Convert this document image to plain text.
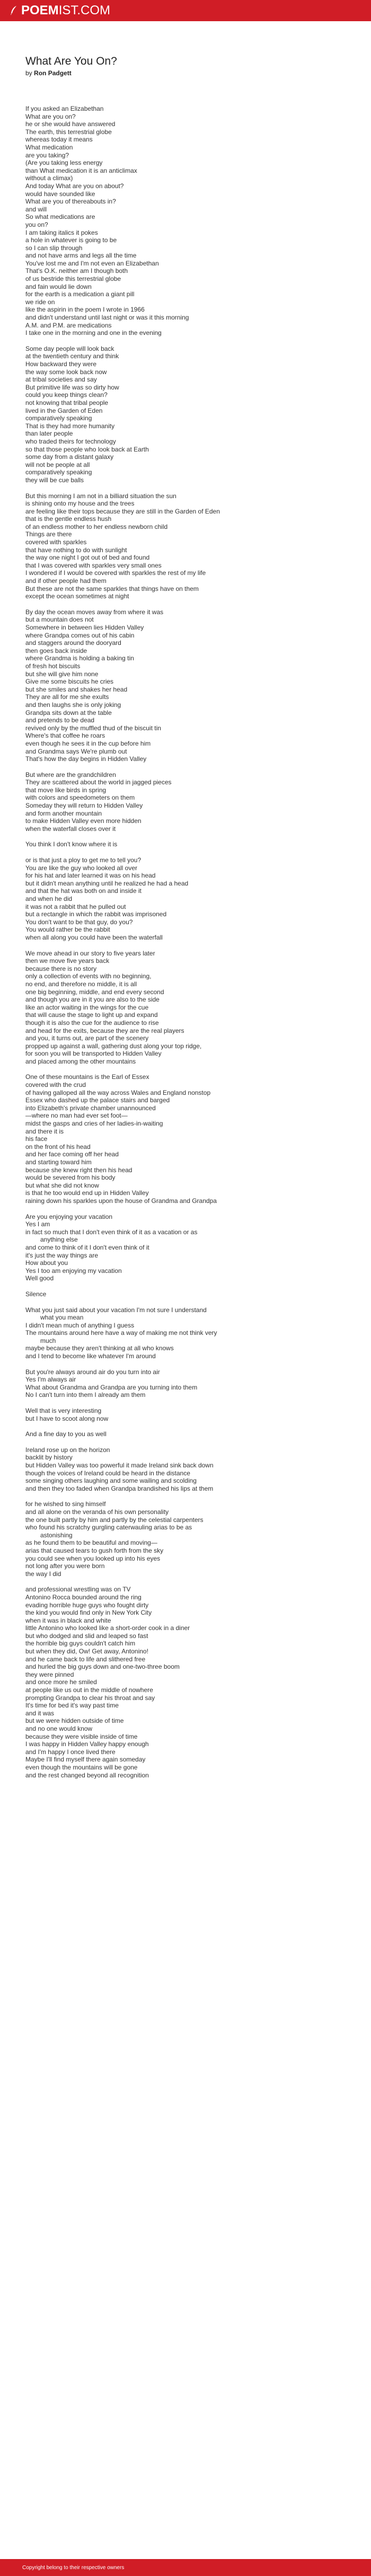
POEMIST.COM
What Are You On?
by Ron Padgett
If you asked an Elizabethan
What are you on?
he or she would have answered
The earth, this terrestrial globe
whereas today it means
What medication
are you taking?
(Are you taking less energy
than What medication it is an anticlimax
without a climax)
And today What are you on about?
would have sounded like
What are you of thereabouts in?
and will
So what medications are
you on?
I am taking italics it pokes
a hole in whatever is going to be
so I can slip through
and not have arms and legs all the time
You've lost me and I'm not even an Elizabethan
That's O.K. neither am I though both
of us bestride this terrestrial globe
and fain would lie down
for the earth is a medication a giant pill
we ride on
like the aspirin in the poem I wrote in 1966
and didn't understand until last night or was it this morning
A.M. and P.M. are medications
I take one in the morning and one in the evening
Some day people will look back
at the twentieth century and think
How backward they were
the way some look back now
at tribal societies and say
But primitive life was so dirty how
could you keep things clean?
not knowing that tribal people
lived in the Garden of Eden
comparatively speaking
That is they had more humanity
than later people
who traded theirs for technology
so that those people who look back at Earth
some day from a distant galaxy
will not be people at all
comparatively speaking
they will be cue balls
But this morning I am not in a billiard situation the sun
is shining onto my house and the trees
are feeling like their tops because they are still in the Garden of Eden
that is the gentle endless hush
of an endless mother to her endless newborn child
Things are there
covered with sparkles
that have nothing to do with sunlight
the way one night I got out of bed and found
that I was covered with sparkles very small ones
I wondered if I would be covered with sparkles the rest of my life
and if other people had them
But these are not the same sparkles that things have on them
except the ocean sometimes at night
By day the ocean moves away from where it was
but a mountain does not
Somewhere in between lies Hidden Valley
where Grandpa comes out of his cabin
and staggers around the dooryard
then goes back inside
where Grandma is holding a baking tin
of fresh hot biscuits
but she will give him none
Give me some biscuits he cries
but she smiles and shakes her head
They are all for me she exults
and then laughs she is only joking
Grandpa sits down at the table
and pretends to be dead
revived only by the muffled thud of the biscuit tin
Where's that coffee he roars
even though he sees it in the cup before him
and Grandma says We're plumb out
That's how the day begins in Hidden Valley
But where are the grandchildren
They are scattered about the world in jagged pieces
that move like birds in spring
with colors and speedometers on them
Someday they will return to Hidden Valley
and form another mountain
to make Hidden Valley even more hidden
when the waterfall closes over it
You think I don't know where it is
or is that just a ploy to get me to tell you?
You are like the guy who looked all over
for his hat and later learned it was on his head
but it didn't mean anything until he realized he had a head
and that the hat was both on and inside it
and when he did
it was not a rabbit that he pulled out
but a rectangle in which the rabbit was imprisoned
You don't want to be that guy, do you?
You would rather be the rabbit
when all along you could have been the waterfall
We move ahead in our story to five years later
then we move five years back
because there is no story
only a collection of events with no beginning,
no end, and therefore no middle, it is all
one big beginning, middle, and end every second
and though you are in it you are also to the side
like an actor waiting in the wings for the cue
that will cause the stage to light up and expand
though it is also the cue for the audience to rise
and head for the exits, because they are the real players
and you, it turns out, are part of the scenery
propped up against a wall, gathering dust along your top ridge,
for soon you will be transported to Hidden Valley
and placed among the other mountains
One of these mountains is the Earl of Essex
covered with the crud
of having galloped all the way across Wales and England nonstop
Essex who dashed up the palace stairs and barged
into Elizabeth's private chamber unannounced
—where no man had ever set foot—
midst the gasps and cries of her ladies-in-waiting
and there it is
his face
on the front of his head
and her face coming off her head
and starting toward him
because she knew right then his head
would be severed from his body
but what she did not know
is that he too would end up in Hidden Valley
raining down his sparkles upon the house of Grandma and Grandpa
Are you enjoying your vacation
Yes I am
in fact so much that I don't even think of it as a vacation or as
anything else
and come to think of it I don't even think of it
it's just the way things are
How about you
Yes I too am enjoying my vacation
Well good
Silence
What you just said about your vacation I'm not sure I understand
what you mean
I didn't mean much of anything I guess
The mountains around here have a way of making me not think very
much
maybe because they aren't thinking at all who knows
and I tend to become like whatever I'm around
But you're always around air do you turn into air
Yes I'm always air
What about Grandma and Grandpa are you turning into them
No I can't turn into them I already am them
Well that is very interesting
but I have to scoot along now
And a fine day to you as well
Ireland rose up on the horizon
backlit by history
but Hidden Valley was too powerful it made Ireland sink back down
though the voices of Ireland could be heard in the distance
some singing others laughing and some wailing and scolding
and then they too faded when Grandpa brandished his lips at them
for he wished to sing himself
and all alone on the veranda of his own personality
the one built partly by him and partly by the celestial carpenters
who found his scratchy gurgling caterwauling arias to be as
astonishing
as he found them to be beautiful and moving—
arias that caused tears to gush forth from the sky
you could see when you looked up into his eyes
not long after you were born
the way I did
and professional wrestling was on TV
Antonino Rocca bounded around the ring
evading horrible huge guys who fought dirty
the kind you would find only in New York City
when it was in black and white
little Antonino who looked like a short-order cook in a diner
but who dodged and slid and leaped so fast
the horrible big guys couldn't catch him
but when they did, Ow! Get away, Antonino!
and he came back to life and slithered free
and hurled the big guys down and one-two-three boom
they were pinned
and once more he smiled
at people like us out in the middle of nowhere
prompting Grandpa to clear his throat and say
It's time for bed it's way past time
and it was
but we were hidden outside of time
and no one would know
because they were visible inside of time
I was happy in Hidden Valley happy enough
and I'm happy I once lived there
Maybe I'll find myself there again someday
even though the mountains will be gone
and the rest changed beyond all recognition
Copyright belong to their respective owners
